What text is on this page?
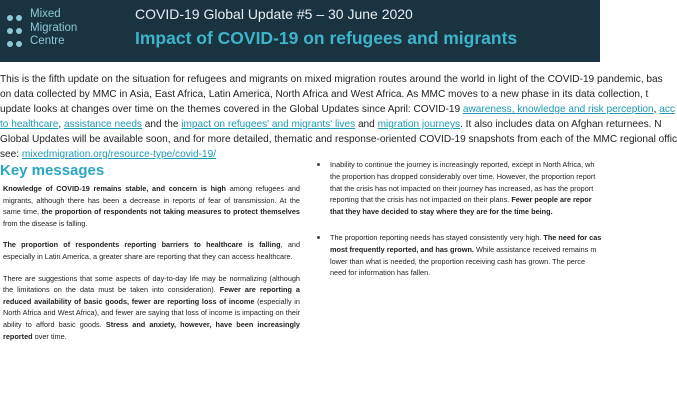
Mixed
Migration
Centre
COVID-19 Global Update #5 – 30 June 2020
Impact of COVID-19 on refugees and migrants
This is the fifth update on the situation for refugees and migrants on mixed migration routes around the world in light of the COVID-19 pandemic, bas
on data collected by MMC in Asia, East Africa, Latin America, North Africa and West Africa. As MMC moves to a new phase in its data collection, t
update looks at changes over time on the themes covered in the Global Updates since April: COVID-19 awareness, knowledge and risk perception, acc
to healthcare, assistance needs and the impact on refugees' and migrants' lives and migration journeys. It also includes data on Afghan returnees. N
Global Updates will be available soon, and for more detailed, thematic and response-oriented COVID-19 snapshots from each of the MMC regional offic
see: mixedmigration.org/resource-type/covid-19/
Key messages

Knowledge of COVID-19 remains stable, and concern is high among refugees and migrants, although there has been a decrease in reports of fear of transmission. At the same time, the proportion of respondents not taking measures to protect themselves from the disease is falling.

The proportion of respondents reporting barriers to healthcare is falling, and especially in Latin America, a greater share are reporting that they can access healthcare.

There are suggestions that some aspects of day-to-day life may be normalizing (although the limitations on the data must be taken into consideration). Fewer are reporting a reduced availability of basic goods, fewer are reporting loss of income (especially in North Africa and West Africa), and fewer are saying that loss of income is impacting on their ability to afford basic goods. Stress and anxiety, however, have been increasingly reported over time.

Inability to continue the journey is increasingly reported, except in North Africa, wh
the proportion has dropped considerably over time. However, the proportion report
that the crisis has not impacted on their journey has increased, as has the proport
reporting that the crisis has not impacted on their plans. Fewer people are repor
that they have decided to stay where they are for the time being.
The proportion reporting needs has stayed consistently very high. The need for cas
most frequently reported, and has grown. While assistance received remains m
lower than what is needed, the proportion receiving cash has grown. The perce
need for information has fallen.
